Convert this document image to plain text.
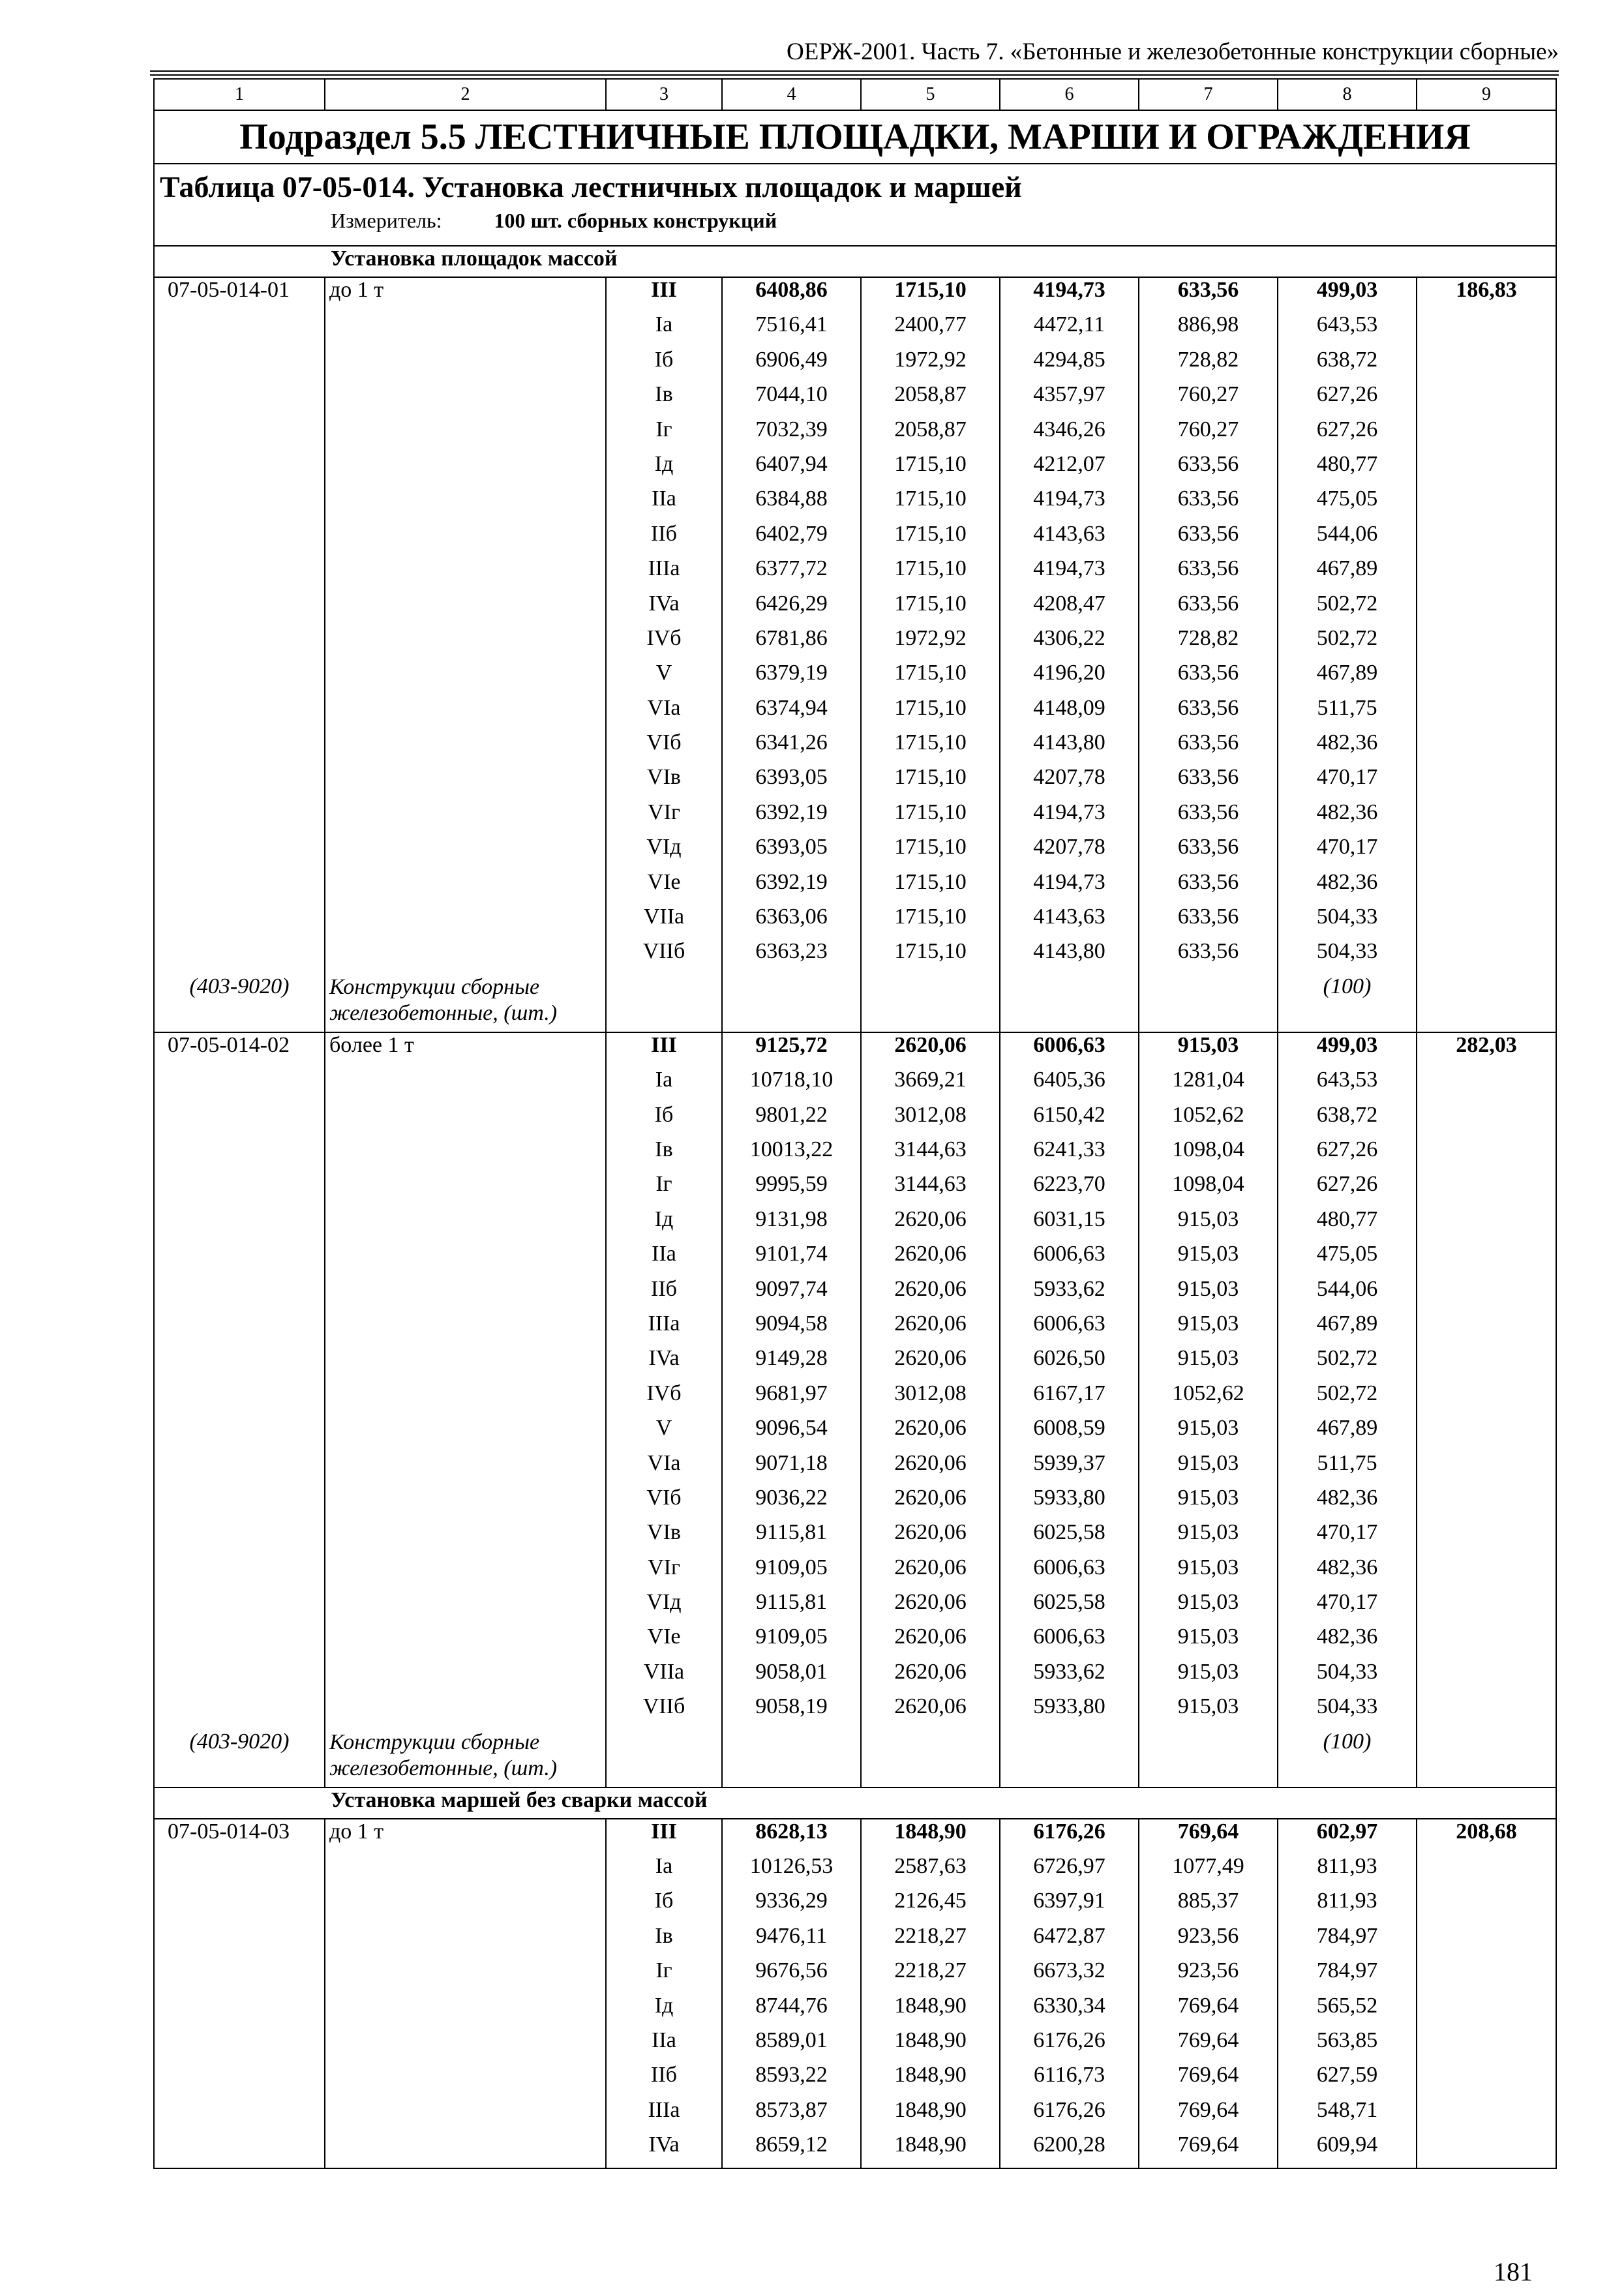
ОЕРЖ-2001. Часть 7. «Бетонные и железобетонные конструкции сборные»
1	2	3	4	5	6	7	8	9
Подраздел 5.5 ЛЕСТНИЧНЫЕ ПЛОЩАДКИ, МАРШИ И ОГРАЖДЕНИЯ								
Таблица 07-05-014. Установка лестничных площадок и маршей								
Измеритель: 100 шт. сборных конструкций								
Установка площадок массой								
07-05-014-01	до 1 т	III	6408,86	1715,10	4194,73	633,56	499,03	186,83
		Ia	7516,41	2400,77	4472,11	886,98	643,53	
		Iб	6906,49	1972,92	4294,85	728,82	638,72	
		Iв	7044,10	2058,87	4357,97	760,27	627,26	
		Iг	7032,39	2058,87	4346,26	760,27	627,26	
		Iд	6407,94	1715,10	4212,07	633,56	480,77	
		IIa	6384,88	1715,10	4194,73	633,56	475,05	
		IIб	6402,79	1715,10	4143,63	633,56	544,06	
		IIIa	6377,72	1715,10	4194,73	633,56	467,89	
		IVa	6426,29	1715,10	4208,47	633,56	502,72	
		IVб	6781,86	1972,92	4306,22	728,82	502,72	
		V	6379,19	1715,10	4196,20	633,56	467,89	
		VIa	6374,94	1715,10	4148,09	633,56	511,75	
		VIб	6341,26	1715,10	4143,80	633,56	482,36	
		VIв	6393,05	1715,10	4207,78	633,56	470,17	
		VIг	6392,19	1715,10	4194,73	633,56	482,36	
		VIд	6393,05	1715,10	4207,78	633,56	470,17	
		VIe	6392,19	1715,10	4194,73	633,56	482,36	
		VIIa	6363,06	1715,10	4143,63	633,56	504,33	
		VIIб	6363,23	1715,10	4143,80	633,56	504,33	
(403-9020)	Конструкции сборные железобетонные, (шт.)						(100)	
07-05-014-02	более 1 т	III	9125,72	2620,06	6006,63	915,03	499,03	282,03
		Ia	10718,10	3669,21	6405,36	1281,04	643,53	
		Iб	9801,22	3012,08	6150,42	1052,62	638,72	
		Iв	10013,22	3144,63	6241,33	1098,04	627,26	
		Iг	9995,59	3144,63	6223,70	1098,04	627,26	
		Iд	9131,98	2620,06	6031,15	915,03	480,77	
		IIa	9101,74	2620,06	6006,63	915,03	475,05	
		IIб	9097,74	2620,06	5933,62	915,03	544,06	
		IIIa	9094,58	2620,06	6006,63	915,03	467,89	
		IVa	9149,28	2620,06	6026,50	915,03	502,72	
		IVб	9681,97	3012,08	6167,17	1052,62	502,72	
		V	9096,54	2620,06	6008,59	915,03	467,89	
		VIa	9071,18	2620,06	5939,37	915,03	511,75	
		VIб	9036,22	2620,06	5933,80	915,03	482,36	
		VIв	9115,81	2620,06	6025,58	915,03	470,17	
		VIг	9109,05	2620,06	6006,63	915,03	482,36	
		VIд	9115,81	2620,06	6025,58	915,03	470,17	
		VIe	9109,05	2620,06	6006,63	915,03	482,36	
		VIIa	9058,01	2620,06	5933,62	915,03	504,33	
		VIIб	9058,19	2620,06	5933,80	915,03	504,33	
(403-9020)	Конструкции сборные железобетонные, (шт.)						(100)	
Установка маршей без сварки массой								
07-05-014-03	до 1 т	III	8628,13	1848,90	6176,26	769,64	602,97	208,68
		Ia	10126,53	2587,63	6726,97	1077,49	811,93	
		Iб	9336,29	2126,45	6397,91	885,37	811,93	
		Iв	9476,11	2218,27	6472,87	923,56	784,97	
		Iг	9676,56	2218,27	6673,32	923,56	784,97	
		Iд	8744,76	1848,90	6330,34	769,64	565,52	
		IIa	8589,01	1848,90	6176,26	769,64	563,85	
		IIб	8593,22	1848,90	6116,73	769,64	627,59	
		IIIa	8573,87	1848,90	6176,26	769,64	548,71	
		IVa	8659,12	1848,90	6200,28	769,64	609,94	
181
